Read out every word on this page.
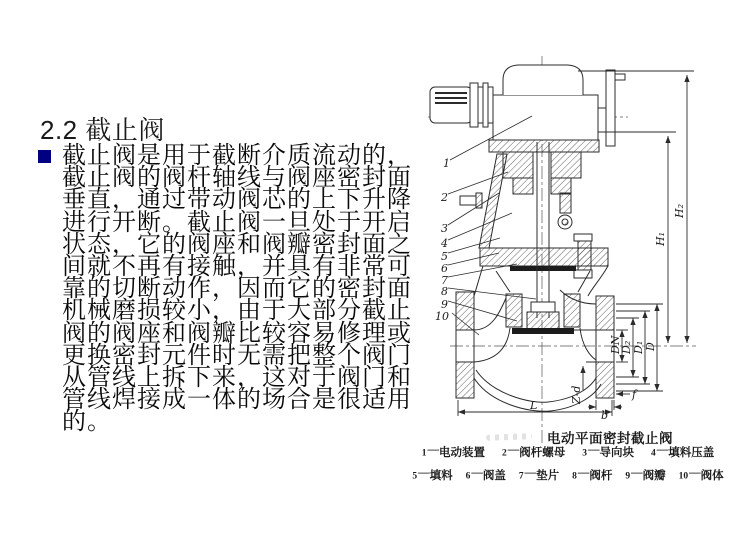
2.2 截止阀
截止阀是用于截断介质流动的，
截止阀的阀杆轴线与阀座密封面
垂直，通过带动阀芯的上下升降
进行开断。截止阀一旦处于开启
状态，它的阀座和阀瓣密封面之
间就不再有接触，并具有非常可
靠的切断动作，因而它的密封面
机械磨损较小，由于大部分截止
阀的阀座和阀瓣比较容易修理或
更换密封元件时无需把整个阀门
从管线上拆下来，这对于阀门和
管线焊接成一体的场合是很适用
的。
1
2
3
4
5
6
7
8
9
10
H₁
H₂
DN
D₂ D₁ D
Z-d
b
f
L
电动平面密封截止阀
1 — 电动装置 2 — 阀杆螺母 3 — 导向块 4 — 填料压盖
5 — 填料 6 — 阀盖 7 — 垫片 8 — 阀杆 9 — 阀瓣 10 — 阀体
